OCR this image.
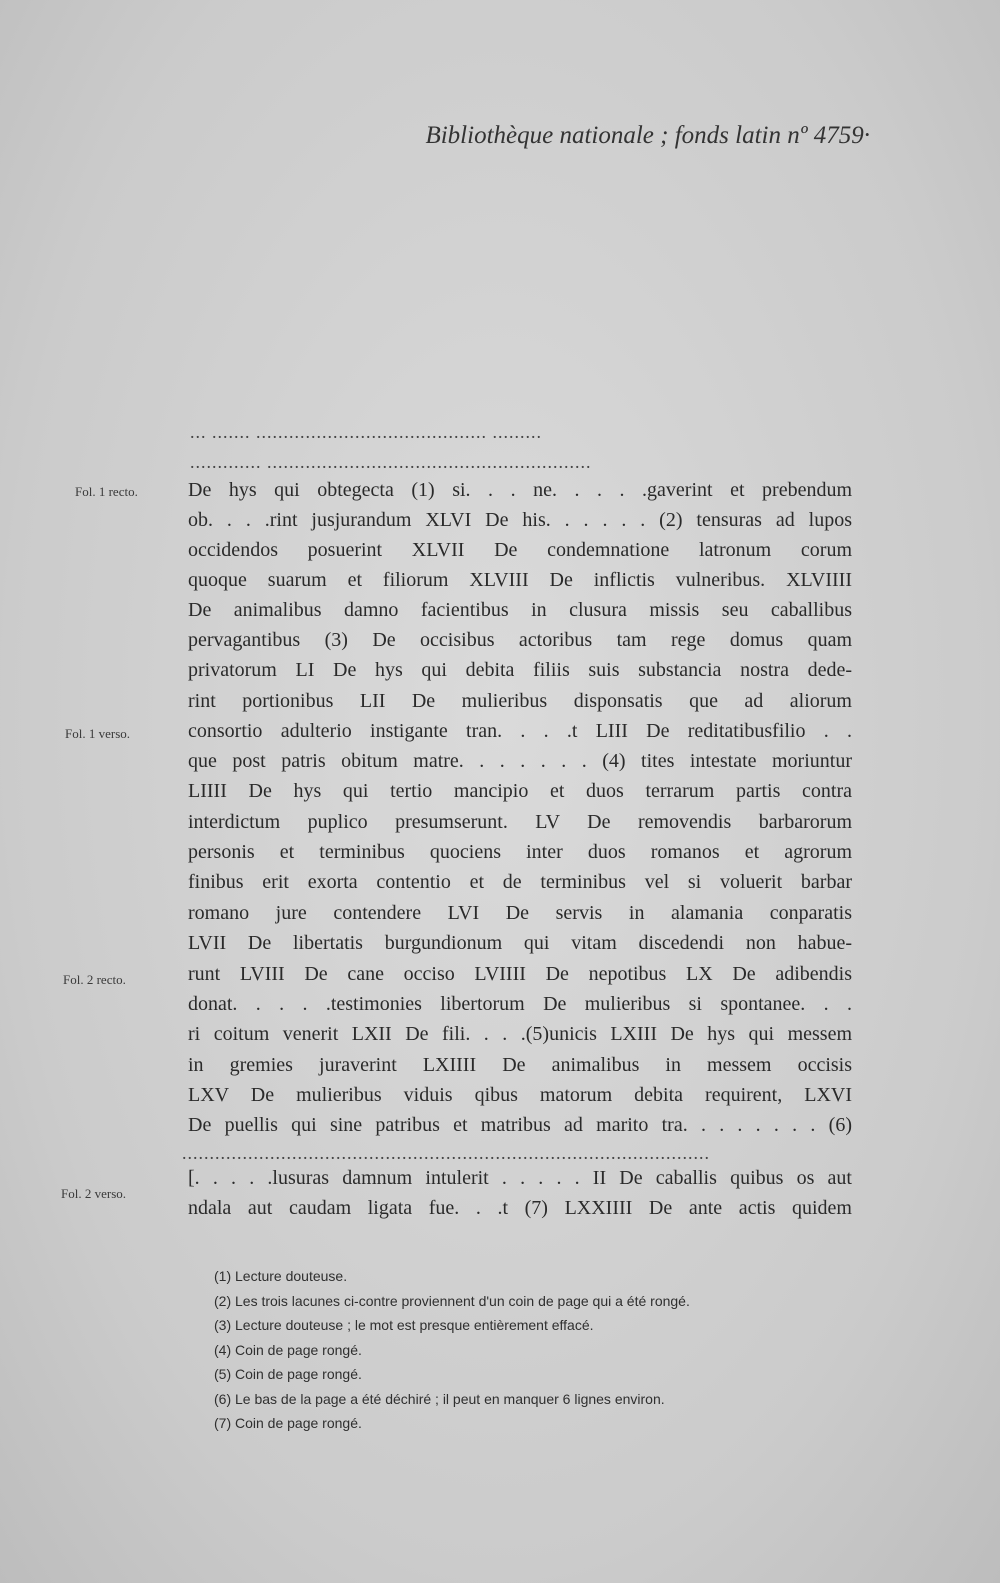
Bibliothèque nationale ; fonds latin nº 4759·
... ....... .......................................... .........
............. ...........................................................
Fol. 1 recto.
Fol. 1 verso.
Fol. 2 recto.
Fol. 2 verso.
De hys qui obtegecta (1) si. . . ne. . . . .gaverint et prebendum
ob. . . .rint jusjurandum XLVI De his. . . . . . (2) tensuras ad lupos
occidendos posuerint XLVII De condemnatione latronum corum
quoque suarum et filiorum XLVIII De inflictis vulneribus. XLVIIII
De animalibus damno facientibus in clusura missis seu caballibus
pervagantibus (3) De occisibus actoribus tam rege domus quam
privatorum LI De hys qui debita filiis suis substancia nostra dede-
rint portionibus LII De mulieribus disponsatis que ad aliorum
consortio adulterio instigante tran. . . .t LIII De reditatibusfilio . .
que post patris obitum matre. . . . . . . (4) tites intestate moriuntur
LIIII De hys qui tertio mancipio et duos terrarum partis contra
interdictum puplico presumserunt. LV De removendis barbarorum
personis et terminibus quociens inter duos romanos et agrorum
finibus erit exorta contentio et de terminibus vel si voluerit barbar
romano jure contendere LVI De servis in alamania conparatis
LVII De libertatis burgundionum qui vitam discedendi non habue-
runt LVIII De cane occiso LVIIII De nepotibus LX De adibendis
donat. . . . .testimonies libertorum De mulieribus si spontanee. . .
ri coitum venerit LXII De fili. . . .(5)unicis LXIII De hys qui messem
in gremies juraverint LXIIII De animalibus in messem occisis
LXV De mulieribus viduis qibus matorum debita requirent, LXVI
De puellis qui sine patribus et matribus ad marito tra. . . . . . . . (6)
................................................................................................
[. . . . .lusuras damnum intulerit . . . . . II De caballis quibus os aut
ndala aut caudam ligata fue. . .t (7) LXXIIII De ante actis quidem
(1) Lecture douteuse.
(2) Les trois lacunes ci-contre proviennent d'un coin de page qui a été rongé.
(3) Lecture douteuse ; le mot est presque entièrement effacé.
(4) Coin de page rongé.
(5) Coin de page rongé.
(6) Le bas de la page a été déchiré ; il peut en manquer 6 lignes environ.
(7) Coin de page rongé.
